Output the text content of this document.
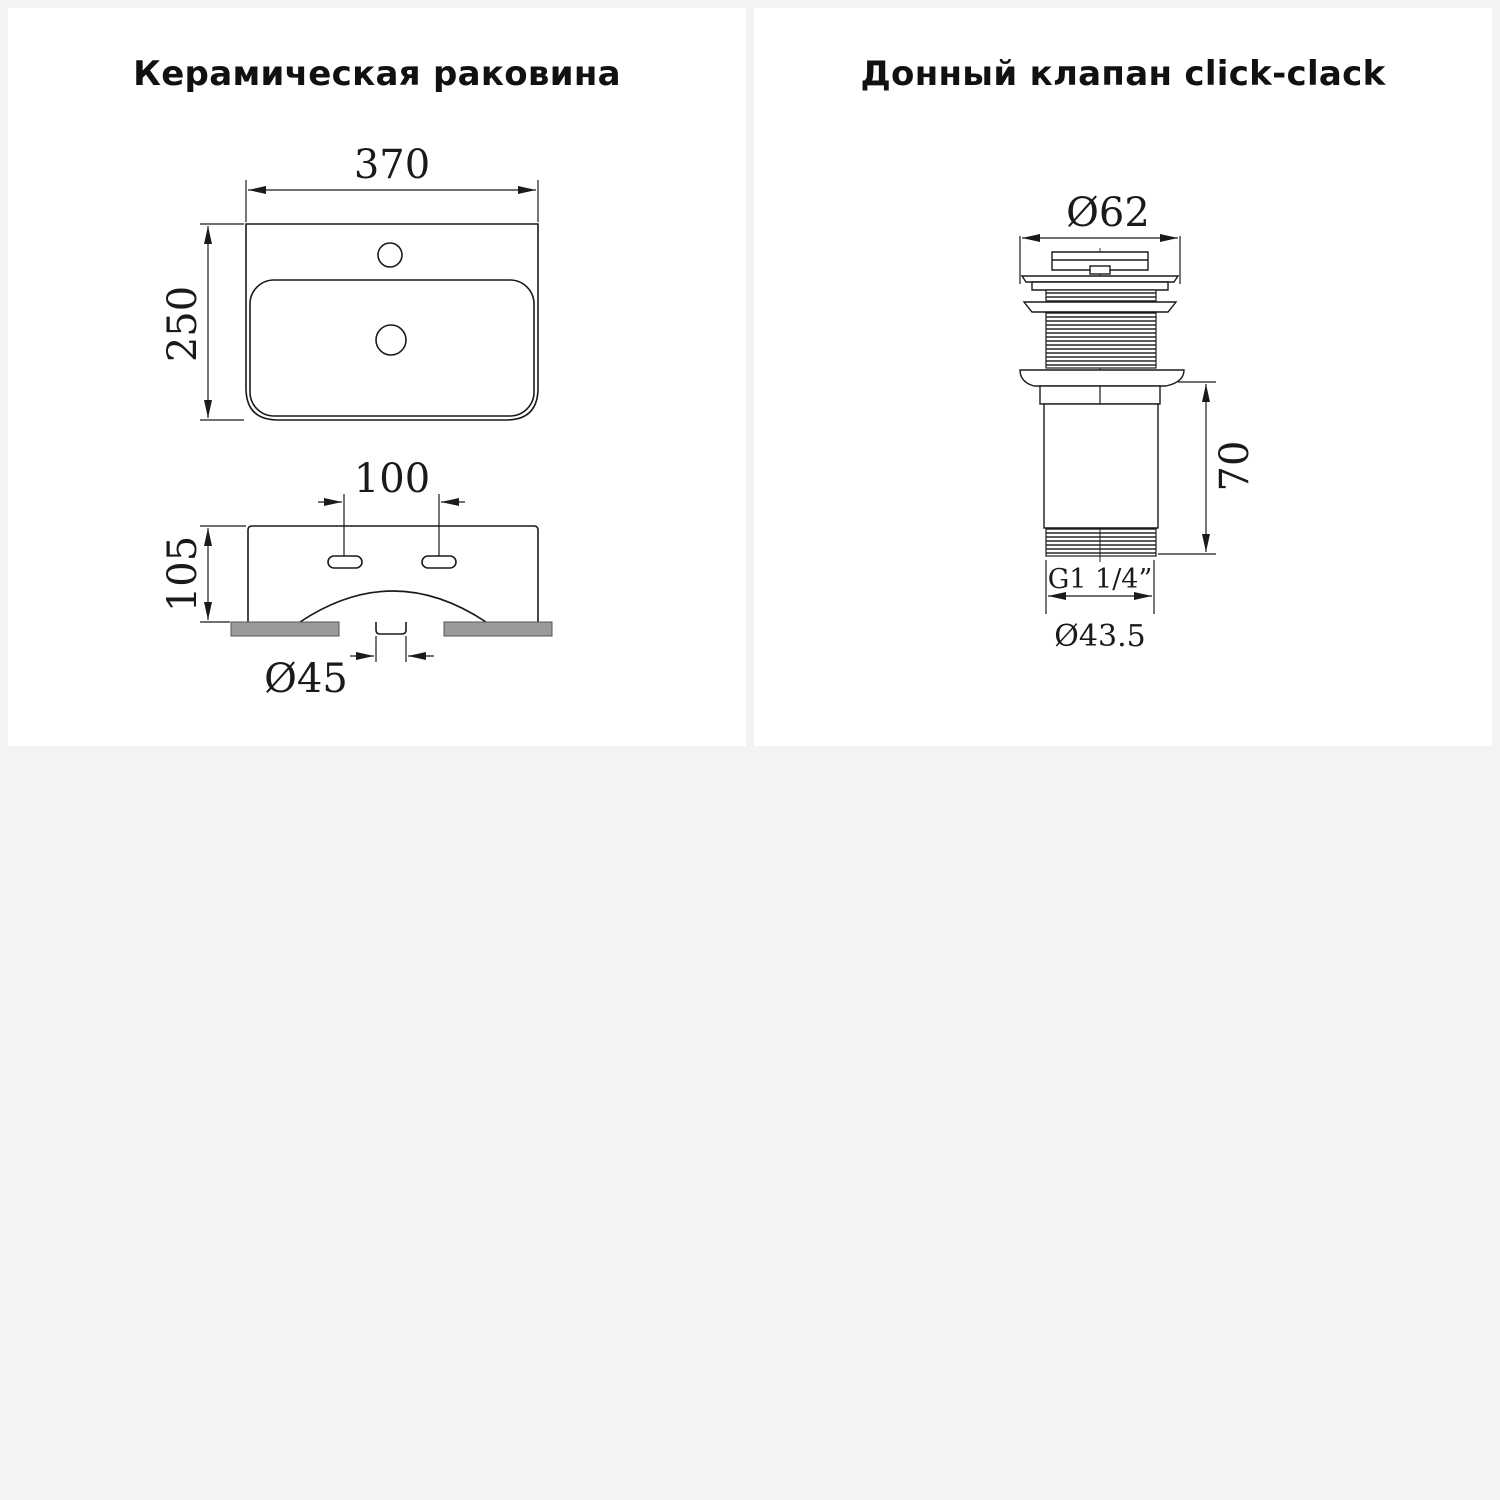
Керамическая раковина
370
250
100
105
Ø45
Донный клапан click-clack
Ø62
70
G1 1/4”
Ø43.5
